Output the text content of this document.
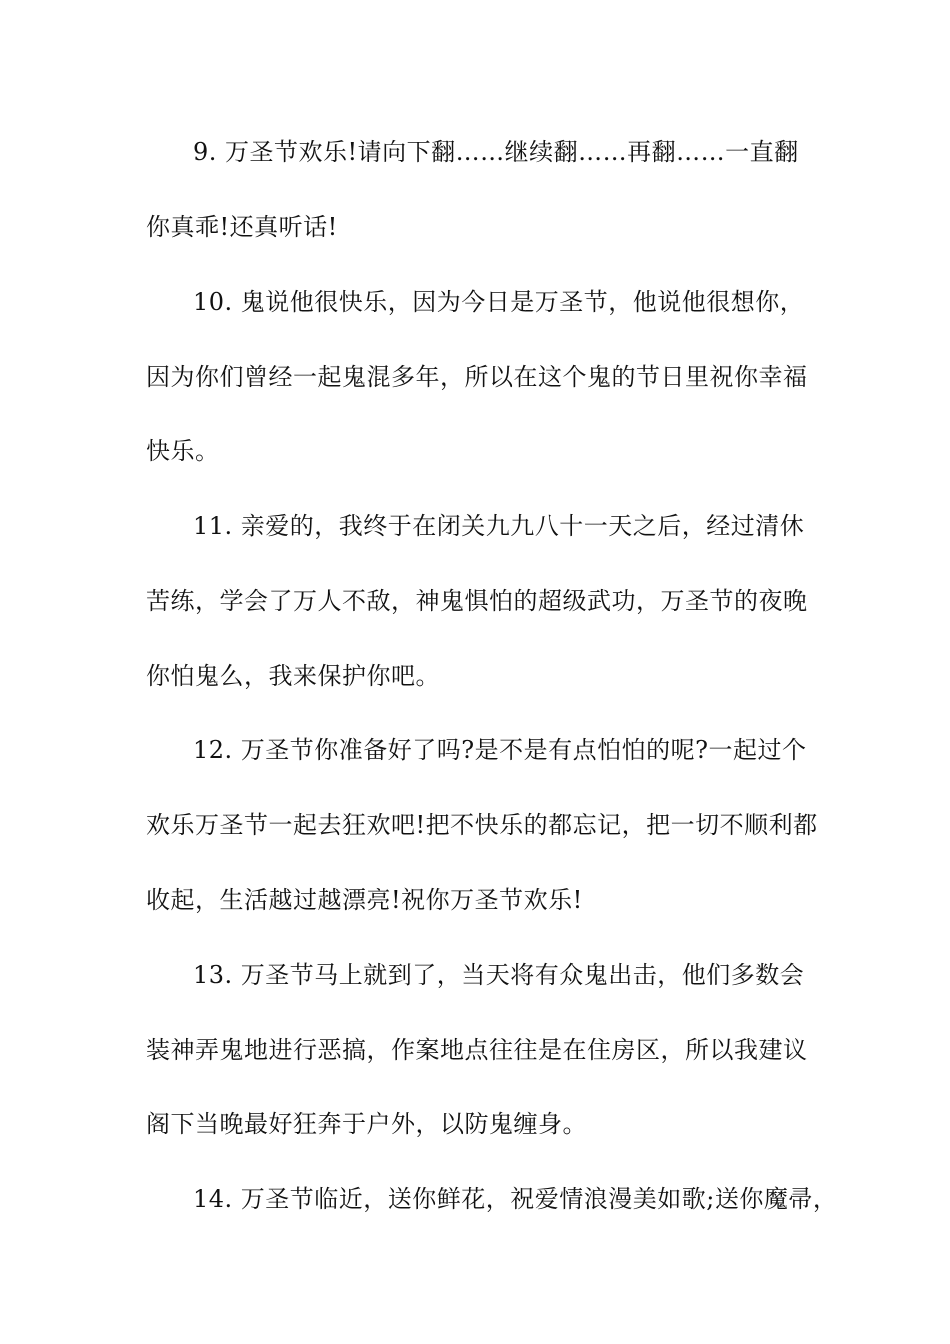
9. 万圣节欢乐!请向下翻……继续翻……再翻……一直翻
你真乖!还真听话!
10. 鬼说他很快乐，因为今日是万圣节，他说他很想你，
因为你们曾经一起鬼混多年，所以在这个鬼的节日里祝你幸福
快乐。
11. 亲爱的，我终于在闭关九九八十一天之后，经过清休
苦练，学会了万人不敌，神鬼惧怕的超级武功，万圣节的夜晚
你怕鬼么，我来保护你吧。
12. 万圣节你准备好了吗?是不是有点怕怕的呢?一起过个
欢乐万圣节一起去狂欢吧!把不快乐的都忘记，把一切不顺利都
收起，生活越过越漂亮!祝你万圣节欢乐!
13. 万圣节马上就到了，当天将有众鬼出击，他们多数会
装神弄鬼地进行恶搞，作案地点往往是在住房区，所以我建议
阁下当晚最好狂奔于户外，以防鬼缠身。
14. 万圣节临近，送你鲜花，祝爱情浪漫美如歌;送你魔帚，
